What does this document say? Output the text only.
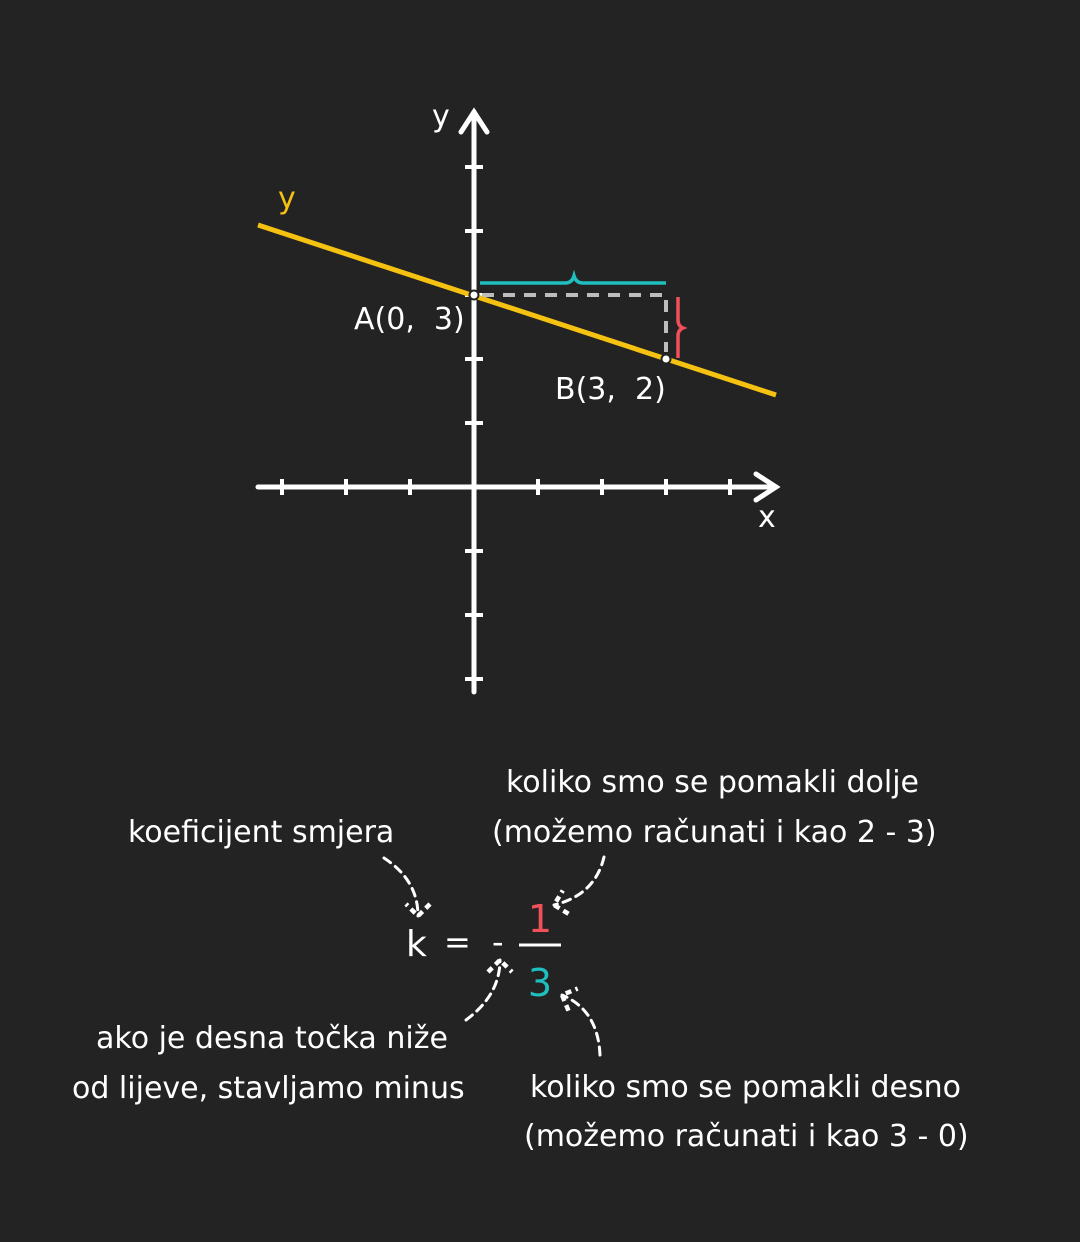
y
x
y
A(0,  3)
B(3,  2)
k = -
1
3
koeficijent smjera
koliko smo se pomakli dolje
(možemo računati i kao 2 - 3)
ako je desna točka niže
od lijeve, stavljamo minus koliko smo se pomakli desno
(možemo računati i kao 3 - 0)
